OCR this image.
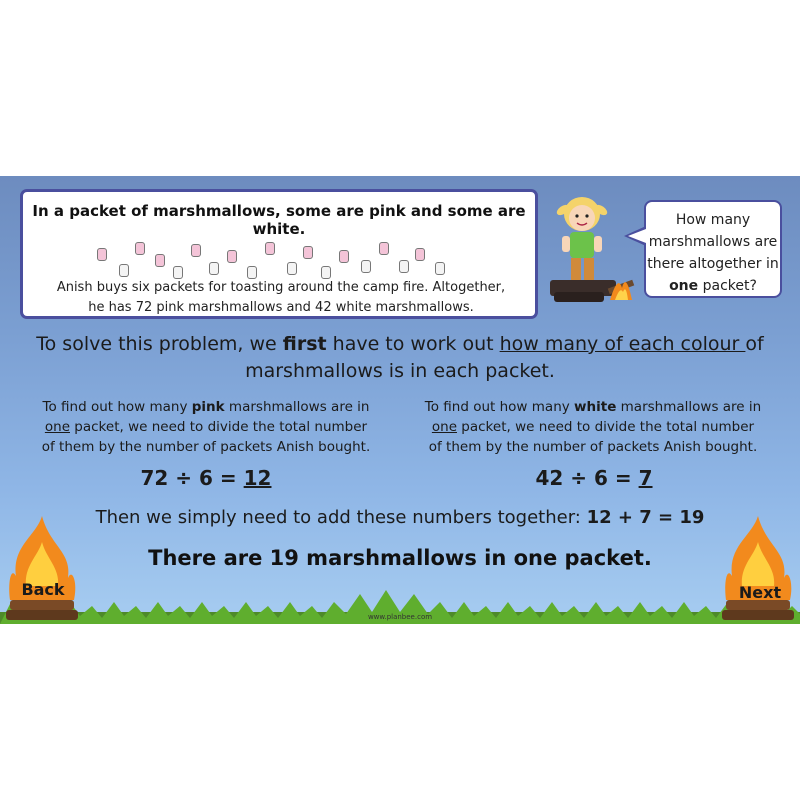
In a packet of marshmallows, some are pink and some are white.
Anish buys six packets for toasting around the camp fire. Altogether,
he has 72 pink marshmallows and 42 white marshmallows.
How many
marshmallows are
there altogether in
one packet?
To solve this problem, we first have to work out how many of each colour of
marshmallows is in each packet.
To find out how many pink marshmallows are in
one packet, we need to divide the total number
of them by the number of packets Anish bought.
72 ÷ 6 = 12
To find out how many white marshmallows are in
one packet, we need to divide the total number
of them by the number of packets Anish bought.
42 ÷ 6 = 7
Then we simply need to add these numbers together: 12 + 7 = 19
There are 19 marshmallows in one packet.
www.planbee.com
Back	Next
